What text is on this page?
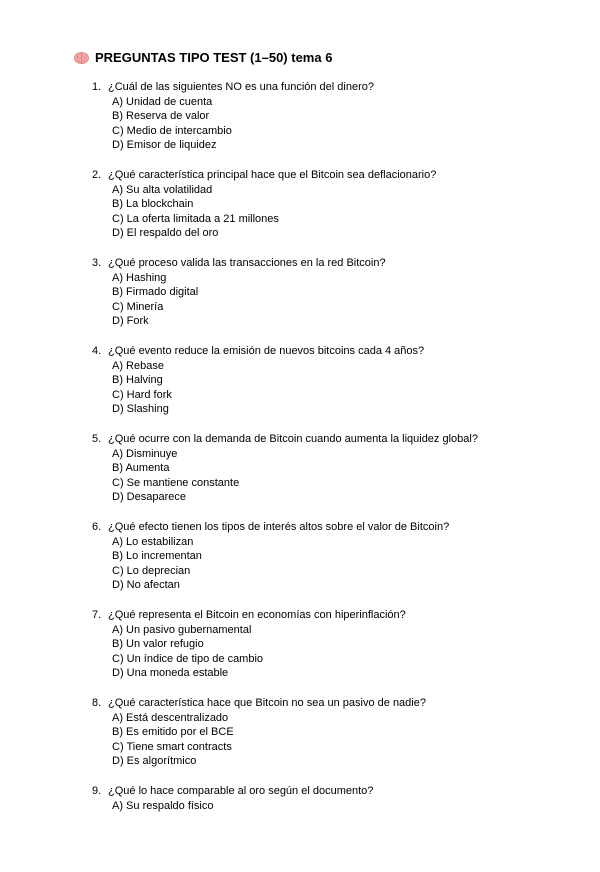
PREGUNTAS TIPO TEST (1–50) tema 6
1. ¿Cuál de las siguientes NO es una función del dinero?
A) Unidad de cuenta
B) Reserva de valor
C) Medio de intercambio
D) Emisor de liquidez
2. ¿Qué característica principal hace que el Bitcoin sea deflacionario?
A) Su alta volatilidad
B) La blockchain
C) La oferta limitada a 21 millones
D) El respaldo del oro
3. ¿Qué proceso valida las transacciones en la red Bitcoin?
A) Hashing
B) Firmado digital
C) Minería
D) Fork
4. ¿Qué evento reduce la emisión de nuevos bitcoins cada 4 años?
A) Rebase
B) Halving
C) Hard fork
D) Slashing
5. ¿Qué ocurre con la demanda de Bitcoin cuando aumenta la liquidez global?
A) Disminuye
B) Aumenta
C) Se mantiene constante
D) Desaparece
6. ¿Qué efecto tienen los tipos de interés altos sobre el valor de Bitcoin?
A) Lo estabilizan
B) Lo incrementan
C) Lo deprecian
D) No afectan
7. ¿Qué representa el Bitcoin en economías con hiperinflación?
A) Un pasivo gubernamental
B) Un valor refugio
C) Un índice de tipo de cambio
D) Una moneda estable
8. ¿Qué característica hace que Bitcoin no sea un pasivo de nadie?
A) Está descentralizado
B) Es emitido por el BCE
C) Tiene smart contracts
D) Es algorítmico
9. ¿Qué lo hace comparable al oro según el documento?
A) Su respaldo físico
